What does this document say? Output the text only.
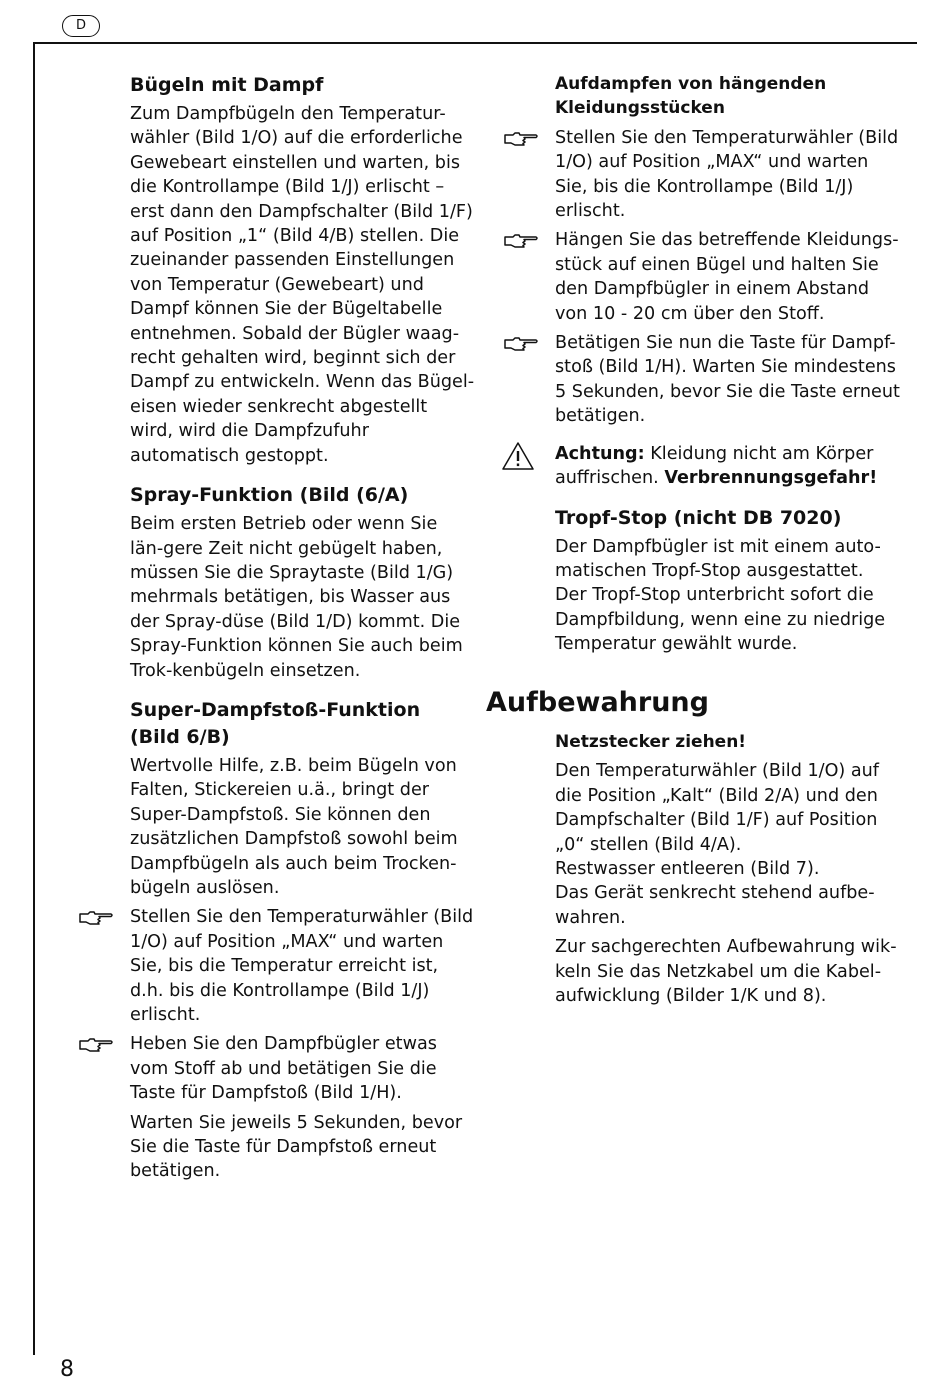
D
Bügeln mit Dampf

Zum Dampfbügeln den Temperatur-wähler (Bild 1/O) auf die erforderliche Gewebeart einstellen und warten, bis die Kontrollampe (Bild 1/J) erlischt – erst dann den Dampfschalter (Bild 1/F) auf Position „1“ (Bild 4/B) stellen. Die zueinander passenden Einstellungen von Temperatur (Gewebeart) und Dampf können Sie der Bügeltabelle entnehmen. Sobald der Bügler waag-recht gehalten wird, beginnt sich der Dampf zu entwickeln. Wenn das Bügel-eisen wieder senkrecht abgestellt wird, wird die Dampfzufuhr automatisch gestoppt.

Spray-Funktion (Bild (6/A)

Beim ersten Betrieb oder wenn Sie län-gere Zeit nicht gebügelt haben, müssen Sie die Spraytaste (Bild 1/G) mehrmals betätigen, bis Wasser aus der Spray-düse (Bild 1/D) kommt. Die Spray-Funktion können Sie auch beim Trok-kenbügeln einsetzen.

Super-Dampfstoß-Funktion
(Bild 6/B)

Wertvolle Hilfe, z.B. beim Bügeln von Falten, Stickereien u.ä., bringt der Super-Dampfstoß. Sie können den zusätzlichen Dampfstoß sowohl beim Dampfbügeln als auch beim Trocken-bügeln auslösen.

Stellen Sie den Temperaturwähler (Bild 1/O) auf Position „MAX“ und warten Sie, bis die Temperatur erreicht ist, d.h. bis die Kontrollampe (Bild 1/J) erlischt.

Heben Sie den Dampfbügler etwas vom Stoff ab und betätigen Sie die Taste für Dampfstoß (Bild 1/H).

Warten Sie jeweils 5 Sekunden, bevor Sie die Taste für Dampfstoß erneut betätigen.

Aufdampfen von hängenden
Kleidungsstücken

Stellen Sie den Temperaturwähler (Bild 1/O) auf Position „MAX“ und warten Sie, bis die Kontrollampe (Bild 1/J) erlischt.

Hängen Sie das betreffende Kleidungs-stück auf einen Bügel und halten Sie den Dampfbügler in einem Abstand von 10 - 20 cm über den Stoff.

Betätigen Sie nun die Taste für Dampf-stoß (Bild 1/H). Warten Sie mindestens 5 Sekunden, bevor Sie die Taste erneut betätigen.

Achtung: Kleidung nicht am Körper auffrischen. Verbrennungsgefahr!

Tropf-Stop (nicht DB 7020)

Der Dampfbügler ist mit einem auto-matischen Tropf-Stop ausgestattet. Der Tropf-Stop unterbricht sofort die Dampfbildung, wenn eine zu niedrige Temperatur gewählt wurde.

Aufbewahrung
Netzstecker ziehen!

Den Temperaturwähler (Bild 1/O) auf die Position „Kalt“ (Bild 2/A) und den Dampfschalter (Bild 1/F) auf Position „0“ stellen (Bild 4/A).

Restwasser entleeren (Bild 7).

Das Gerät senkrecht stehend aufbe-wahren.

Zur sachgerechten Aufbewahrung wik-keln Sie das Netzkabel um die Kabel-aufwicklung (Bilder 1/K und 8).

8
